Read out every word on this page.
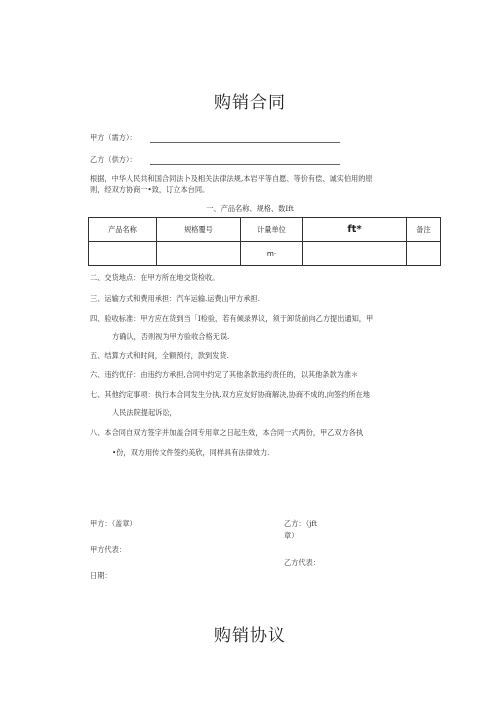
购销合同
甲方（需方）：
乙方（供方）：
根据，中华人民共和国合同法卜及相关法律法规,本岩平等自愿、等价有偿、诚实伯用的原
则，经双方协商一•致，订立本台同。
一、产品名称、规格、数Ift
产品名称	规格覆号	计量单位	ft*	备注
		m·		
二、交货地点：在甲方所在地交货检收。
三、运输方式和费用承担：汽车运输.运费山甲方承担.
四、验收标准：甲方应在货到当「I检验，若有倾录界议，须于卸货前向乙方提出通知，甲
方确认，否则视为甲方验收合格无误.
五、结算方式和时间，全额预付，款到发货.
六、违约优仔：由违约方承担,合同中约定了其他条款违约责任的，以其他条款为准＊
七、其他约定事项：执行本合同发生分执.双方应友好协商解决,协商不成的,向签约所在地
人民法院提起诉讼，
八、本合同自双方签字并加盖合同专用章之日起生效，本合同一式两份，甲乙双方各执
•份，双方用传文件签约美欣，同样具有法律效力.
甲方：（盖章）	乙方：（jft
章）
甲方代表：
乙方代表：
日期：
购销协议
